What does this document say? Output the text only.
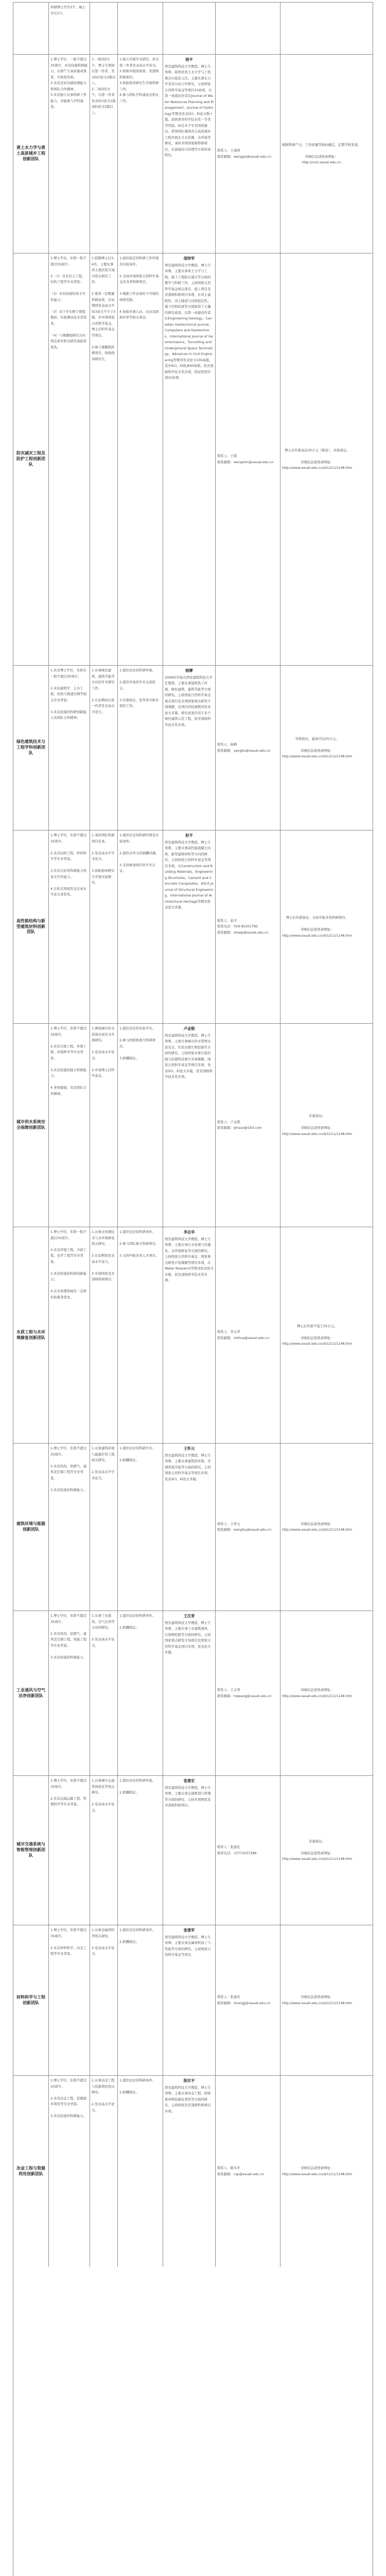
科研博士学位3个、硕士学位2个。
黄土水力学与黄土高原城乡工程创新团队
1.博士学位，一般不超过35周岁，具有较强科研能力，在修产生高质量成果者，可放宽年龄。
2.具有良好沟通协调能力和团队合作精神。
3.具有独立从事科研工作能力，并能参与学科建设。
1.一级岗位1个，博士生期间以第一作者，发表SCI论文2篇以上。
2.二级岗位2个，以第一作者发表SCI论文1篇或EI论文2篇以上。
1.独立开展学术研究，并以第一作者发表高水平论文。
2.积极申报国家级、省部级科研项目。
3.协助指导研究生开展科研工作。
4.参与团队学科建设及相关工作。
杨平
西安建筑科技大学教授、博士生导师，陕西省黄土水力学与工程重点实验室主任。主要从事水力学及河川动力学研究，主持国家自然科学基金等项目10余项，以第一或通讯作者在Journal of Water Resources Planning and Management、Journal of Hydrology等期刊发表SCI、EI论文数十篇。获陕西省科学技术奖一等奖等奖励，担任多个学术团体委员。带领团队围绕黄土高原城乡工程开展水文水资源、水环境等研究，承担多项国家级科研项目，在流域综合治理等方面形成特色。
联系人：王海涛
联系邮箱：wangpx@xauat.edu.cn
根据科研产出、工作质量等指标确定，定期考核发放。

详细信息请登录网址：
http://civil.xauat.edu.cn
防灾减灾工程及防护工程创新团队
1.博士毕业，年龄一般不超过35周岁。

2.（1）具有岩土工程、结构工程等专业背景；

（2）具有较强的英文写作能力；

（3）对于专长精于数值模拟、实验测试技术者优先；

（4）与课题组研究方向相近或有相关研究基础者优先。
1.招聘博士后3-4名，主要从事黄土地区防灾减灾相关研究工作。

2.要求一定数量科研成果，在站期间发表高水平SCI论文不少于3篇，并申请国家自然科学基金、博士后科学基金等项目。

3.参与课题组科研项目，协助指导研究生。
1.提供稳定的科研工作环境及实验条件。

2.支持申请国家自然科学基金及各类科研项目。

3.根据工作表现给予可观的绩效奖励。

4.协助办理入站、出站及职称评审等相关事宜。
邵帅军
西安建筑科技大学教授、博士生导师，主要从事黄土力学与工程、地下工程防灾减灾等方面的教学与科研工作。主持国家自然科学基金重点项目、面上项目及省部级科研项目多项，在黄土湿陷性、黄土隆道与边坡稳定性、地下结构抗震等方面取得了丰确的研究成果。以第一或通讯作者在Engineering Geology、Canadian Geotechnical Journal、Computers and Geotechnics、International Journal of Geomechanics、Tunnelling and Underground Space Technology、Advances in Civil Engineering等期刊发表论文100余篇，其中SCI、EI收录60余篇。获省部级科学技术奖多项，授权发明专利10余项。
联系人：王铭
联系邮箱：wangmin@xauat.edu.cn
博士后年薪高达30万元（税前），具体面议。

详细信息请登录网址：
http://www.xauat.edu.cn/d/1211/1148.htm
绿色建筑技术与工程学科创新团队
1.具有博士学位，年龄在一般不超过35周岁。

2.具有建筑学、土木工程、供热与暖通空调等相关专业背景。

3.具有较强的科研创新能力及团队合作精神。
1.从事绿色建筑、建筑节能等方向的学术研究工作。

2.在站期间以第一作者发表高水平论文。
1.提供良好的科研环境。

2.提供开放的学术交流机会。

3.年薪面议，优秀者可推荐留校工作。
杨柳
2006年开始在西安建筑科技大学任教授。主要从事建筑热工环境、绿色建筑、建筑节能等方面的研究。主持国家自然科学基金重点项目及多项国家重点研发计划课题，在国内外权威期刊发表论文多篇。研究成果应用于多个绿色建筑示范工程，获省部级科学技术奖多项。
联系人：杨柳
联系邮箱：yangliu@xauat.edu.cn
年薪面议，最高可达25万元。

详细信息请登录网址：
http://www.xauat.edu.cn/d/1211/1148.htm
高性能结构与新型建筑材料创新团队
1.博士学位，年龄不超过35周岁。

2.具有结构工程、材料科学等专业背景。

3.具有良好的科研能力和英文写作能力。

4.在相关领域发表过高水平论文者优先。
1.承担团队科研项目任务。

2.发表高水平学术论文。

3.协助指导研究生开展实验研究。
1.提供充足的科研经费及实验条件。

2.提供竞争力的薪酬待遇。

3.支持参加国内外学术会议。
赵平
西安建筑科技大学教授、博士生导师，主要从事高性能混凝土结构、新型建筑材料等方向的研究。主持国家自然科学基金等项目多项，在Construction and Building Materials、Engineering Structures、Cement and Concrete Composites、ASCE Journal of Structural Engineering、International Journal of Architectural Heritage等期刊发表论文多篇。
联系人：赵平
联系电话：029-82201782
联系邮箱：zhaop@xauat.edu.cn
博士后年薪面议，支持申报各类科研项目。

详细信息请登录网址：
http://www.xauat.edu.cn/d/1211/1148.htm
城市供水系统安全保障创新团队
1.博士学位，年龄不超过35周岁。

2.具有市政工程、环境工程、环境科学等专业背景。

3.具有较强的独立科研能力。

4.身体健康，具有团队合作精神。
1.围绕城市供水系统水质安全开展研究。

2.发表高水平论文。

3.申请博士后科学基金。
1.提供良好的实验平台。

2.参与国家级重大科研项目。

3.薪酬面议。
卢金锁
西安建筑科技大学教授、博士生导师。主要从事城市供水管网水质安全、饮用水微生物控制等方面的研究，主持国家水体污染控制与治理科技重大专项课题、国家自然科学基金等项目多项，发表SCI、EI论文多篇，获省部级科学技术奖多项。
联系人：卢金锁
联系邮箱：ljinsuo@163.com
年薪面议。

详细信息请登录网址：
http://www.xauat.edu.cn/d/1211/1148.htm
水质工程与水环境修复创新团队
1.博士学位，年龄一般不超过35周岁。

2.具有环境工程、市政工程、化学工程等专业背景。

3.具有较强的科研创新能力。

4.在水处理领域有一定研究积累者优先。
1.从事水处理技术与水环境修复相关研究。

2.在站期间发表高水平论文。

3.申请国家及省部级科研项目。
1.提供良好的科研条件。

2.参与团队重大科研项目。

3.支持申报各类人才项目。
李志华
西安建筑科技大学教授、博士生导师。主要从事污水处理与资源化、水环境修复等方面的研究。主持国家自然科学基金、国家重点研发计划课题等项目多项，在Water Research等期刊发表论文多篇，获省部级科学技术奖多项。
联系人：李志华
联系邮箱：zhihua@xauat.edu.cn
博士后年薪不低于25万元。

详细信息请登录网址：
http://www.xauat.edu.cn/d/1211/1148.htm
建筑环境与能源创新团队
1.博士学位，年龄不超过35周岁。

2.具有供热、供燃气、通风及空调工程等专业背景。

3.具有较强的科研能力。
1.从事建筑环境与能源应用工程相关研究。

2.发表高水平学术论文。
1.提供良好的科研平台。

2.薪酬面议。
王怀元
西安建筑科技大学教授、博士生导师。主要从事建筑热环境、空调系统节能等方面的研究，主持国家自然科学基金等项目多项，发表SCI、EI论文多篇。
联系人：王怀元
联系邮箱：wanghy@xauat.edu.cn
详细信息请登录网址：
http://www.xauat.edu.cn/d/1211/1148.htm
工业通风与空气洁净创新团队
1.博士学位，年龄不超过35周岁。

2.具有供热、供燃气、通风及空调工程、热能工程等专业背景。

3.具有较强的科研能力。
1.从事工业通风、空气洁净等方向的研究。

2.发表高水平论文。
1.提供良好的科研条件。

2.薪酬面议。
王汉青
西安建筑科技大学教授、博士生导师。主要从事工业建筑通风、污染物控制等方面的研究，主持国家重点研发计划项目及国家自然科学基金项目多项，发表论文多篇。
联系人：王汉青
联系邮箱：hqwang@xauat.edu.cn
详细信息请登录网址：
http://www.xauat.edu.cn/d/1211/1148.htm
城市交通系统与智能管理创新团队
1.博士学位，年龄不超过35周岁。

2.具有交通运输工程、管理科学等专业背景。
1.从事城市交通系统优化等相关研究。

2.发表高水平论文。
1.提供良好的科研环境。

2.薪酬面议。
张建宏
西安建筑科技大学教授、博士生导师。主要从事交通规划与管理等方面的研究，主持多项国家及省部级科研项目。
联系人：张建宏
联系电话：13772037286
年薪面议。

详细信息请登录网址：
http://www.xauat.edu.cn/d/1211/1148.htm
材料科学与工程创新团队
1.博士学位，年龄不超过35周岁。

2.具有材料科学、冶金工程等专业背景。
1.从事金属材料等相关研究。

2.发表高水平论文。
1.提供良好的科研条件。

2.薪酬面议。
张建军
西安建筑科技大学教授、博士生导师。主要从事金属材料加工与性能等方面的研究，主持国家自然科学基金等项目。
联系人：张建军
联系邮箱：zhangjj@xauat.edu.cn
详细信息请登录网址：
http://www.xauat.edu.cn/d/1211/1148.htm
冶金工程与资源利用创新团队
1.博士学位，年龄不超过35周岁。

2.具有冶金工程、资源循环利用等专业背景。

3.具有较强的科研能力。
1.从事冶金工程与资源利用相关研究。

2.发表高水平论文。
1.提供良好的科研条件。

2.薪酬面议。
陈实平
西安建筑科技大学教授、博士生导师。主要从事冶金工程、固体废弃物资源化利用等方面的研究，主持国家及省部级科研项目多项。
联系人：陈实平
联系邮箱：csp@xauat.edu.cn
详细信息请登录网址：
http://www.xauat.edu.cn/d/1211/1148.htm
